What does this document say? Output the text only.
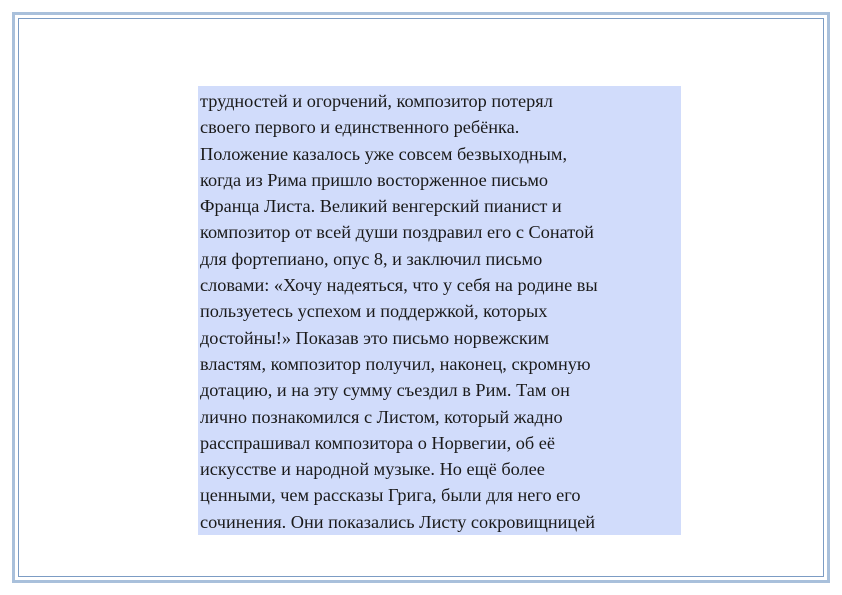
трудностей и огорчений, композитор потерял
своего первого и единственного ребёнка.
Положение казалось уже совсем безвыходным,
когда из Рима пришло восторженное письмо
Франца Листа. Великий венгерский пианист и
композитор от всей души поздравил его с Сонатой
для фортепиано, опус 8, и заключил письмо
словами: «Хочу надеяться, что у себя на родине вы
пользуетесь успехом и поддержкой, которых
достойны!» Показав это письмо норвежским
властям, композитор получил, наконец, скромную
дотацию, и на эту сумму съездил в Рим. Там он
лично познакомился с Листом, который жадно
расспрашивал композитора о Норвегии, об её
искусстве и народной музыке. Но ещё более
ценными, чем рассказы Грига, были для него его
сочинения. Они показались Листу сокровищницей
